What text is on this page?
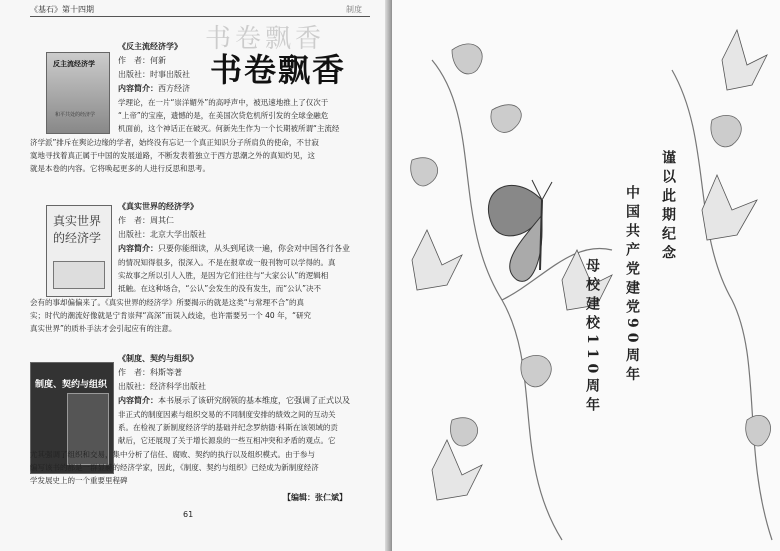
《基石》第十四期	制度
书卷飘香
书卷飘香
反主流经济学
和平共处的经济学
《反主流经济学》
作　者：何新
出版社：时事出版社
内容简介：西方经济
学理论，在一片“崇洋媚外”的高呼声中，被迅速地推上了仅次于
“上帝”的宝座，遗憾的是，在美国次贷危机所引发的全球金融危
机面前，这个神话正在破灭。何新先生作为一个长期被所谓“主流经
济学派”排斥在舆论边缘的学者，始终没有忘记一个真正知识分子所肩负的使命，不甘寂
寞地寻找着真正属于中国的发展道路，不断发表着独立于西方思潮之外的真知灼见，这
就是本卷的内容。它将唤起更多的人进行反思和思考。
真实世界的经济学
《真实世界的经济学》
作　者：周其仁
出版社：北京大学出版社
内容简介：只要你能细读，从头到尾读一遍，你会对中国各行各业
的情况知得很多，很深入。不是在报章或一般刊物可以学得的。真
实故事之所以引人入胜，是因为它们往往与“大家公认”的逻辑相
抵触。在这种场合，“公认”会发生的没有发生，而“公认”决不
会有的事却偏偏来了。《真实世界的经济学》所要揭示的就是这类“与常理不合”的真
实；时代的潮流好像就是宁肯崇拜“高深”而误入歧途，也许需要另一个 40 年，“研究
真实世界”的质朴手法才会引起应有的注意。
制度、契约与组织
《制度、契约与组织》
作　者：科斯等著
出版社：经济科学出版社
内容简介：本书展示了该研究纲领的基本维度，它强调了正式以及
非正式的制度因素与组织交易的不同制度安排的绩效之间的互动关
系。在检视了新制度经济学的基础并纪念罗纳德·科斯在该领域的贡
献后，它还展现了关于增长源泉的一些互相冲突和矛盾的观点。它
尤其强调了组织和交易，集中分析了信任、腐败、契约的执行以及组织模式。由于参与
编写该书的都是一群显赫的经济学家，因此，《制度、契约与组织》已经成为新制度经济
学发展史上的一个重要里程碑
【编辑：张仁斌】
61
谨以此期纪念
中国共产党建党90周年
母校建校110周年
